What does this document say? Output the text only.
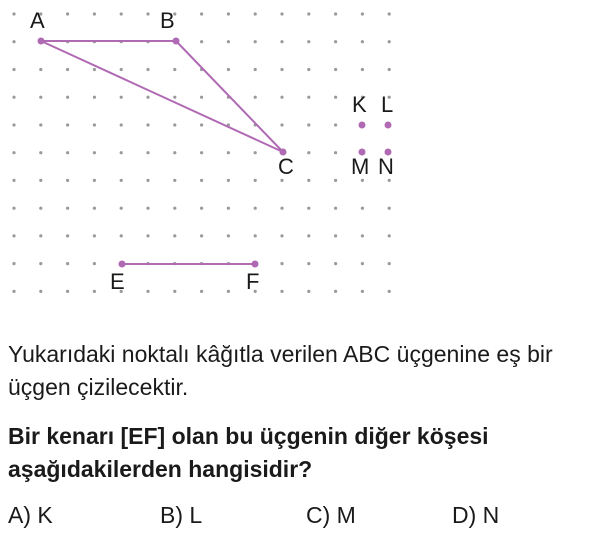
A	B
C
E	F
K L
M N
Yukarıdaki noktalı kâğıtla verilen ABC üçgenine eş bir üçgen çizilecektir.
Bir kenarı [EF] olan bu üçgenin diğer köşesi aşağıdakilerden hangisidir?
A) K	B) L	C) M	D) N
